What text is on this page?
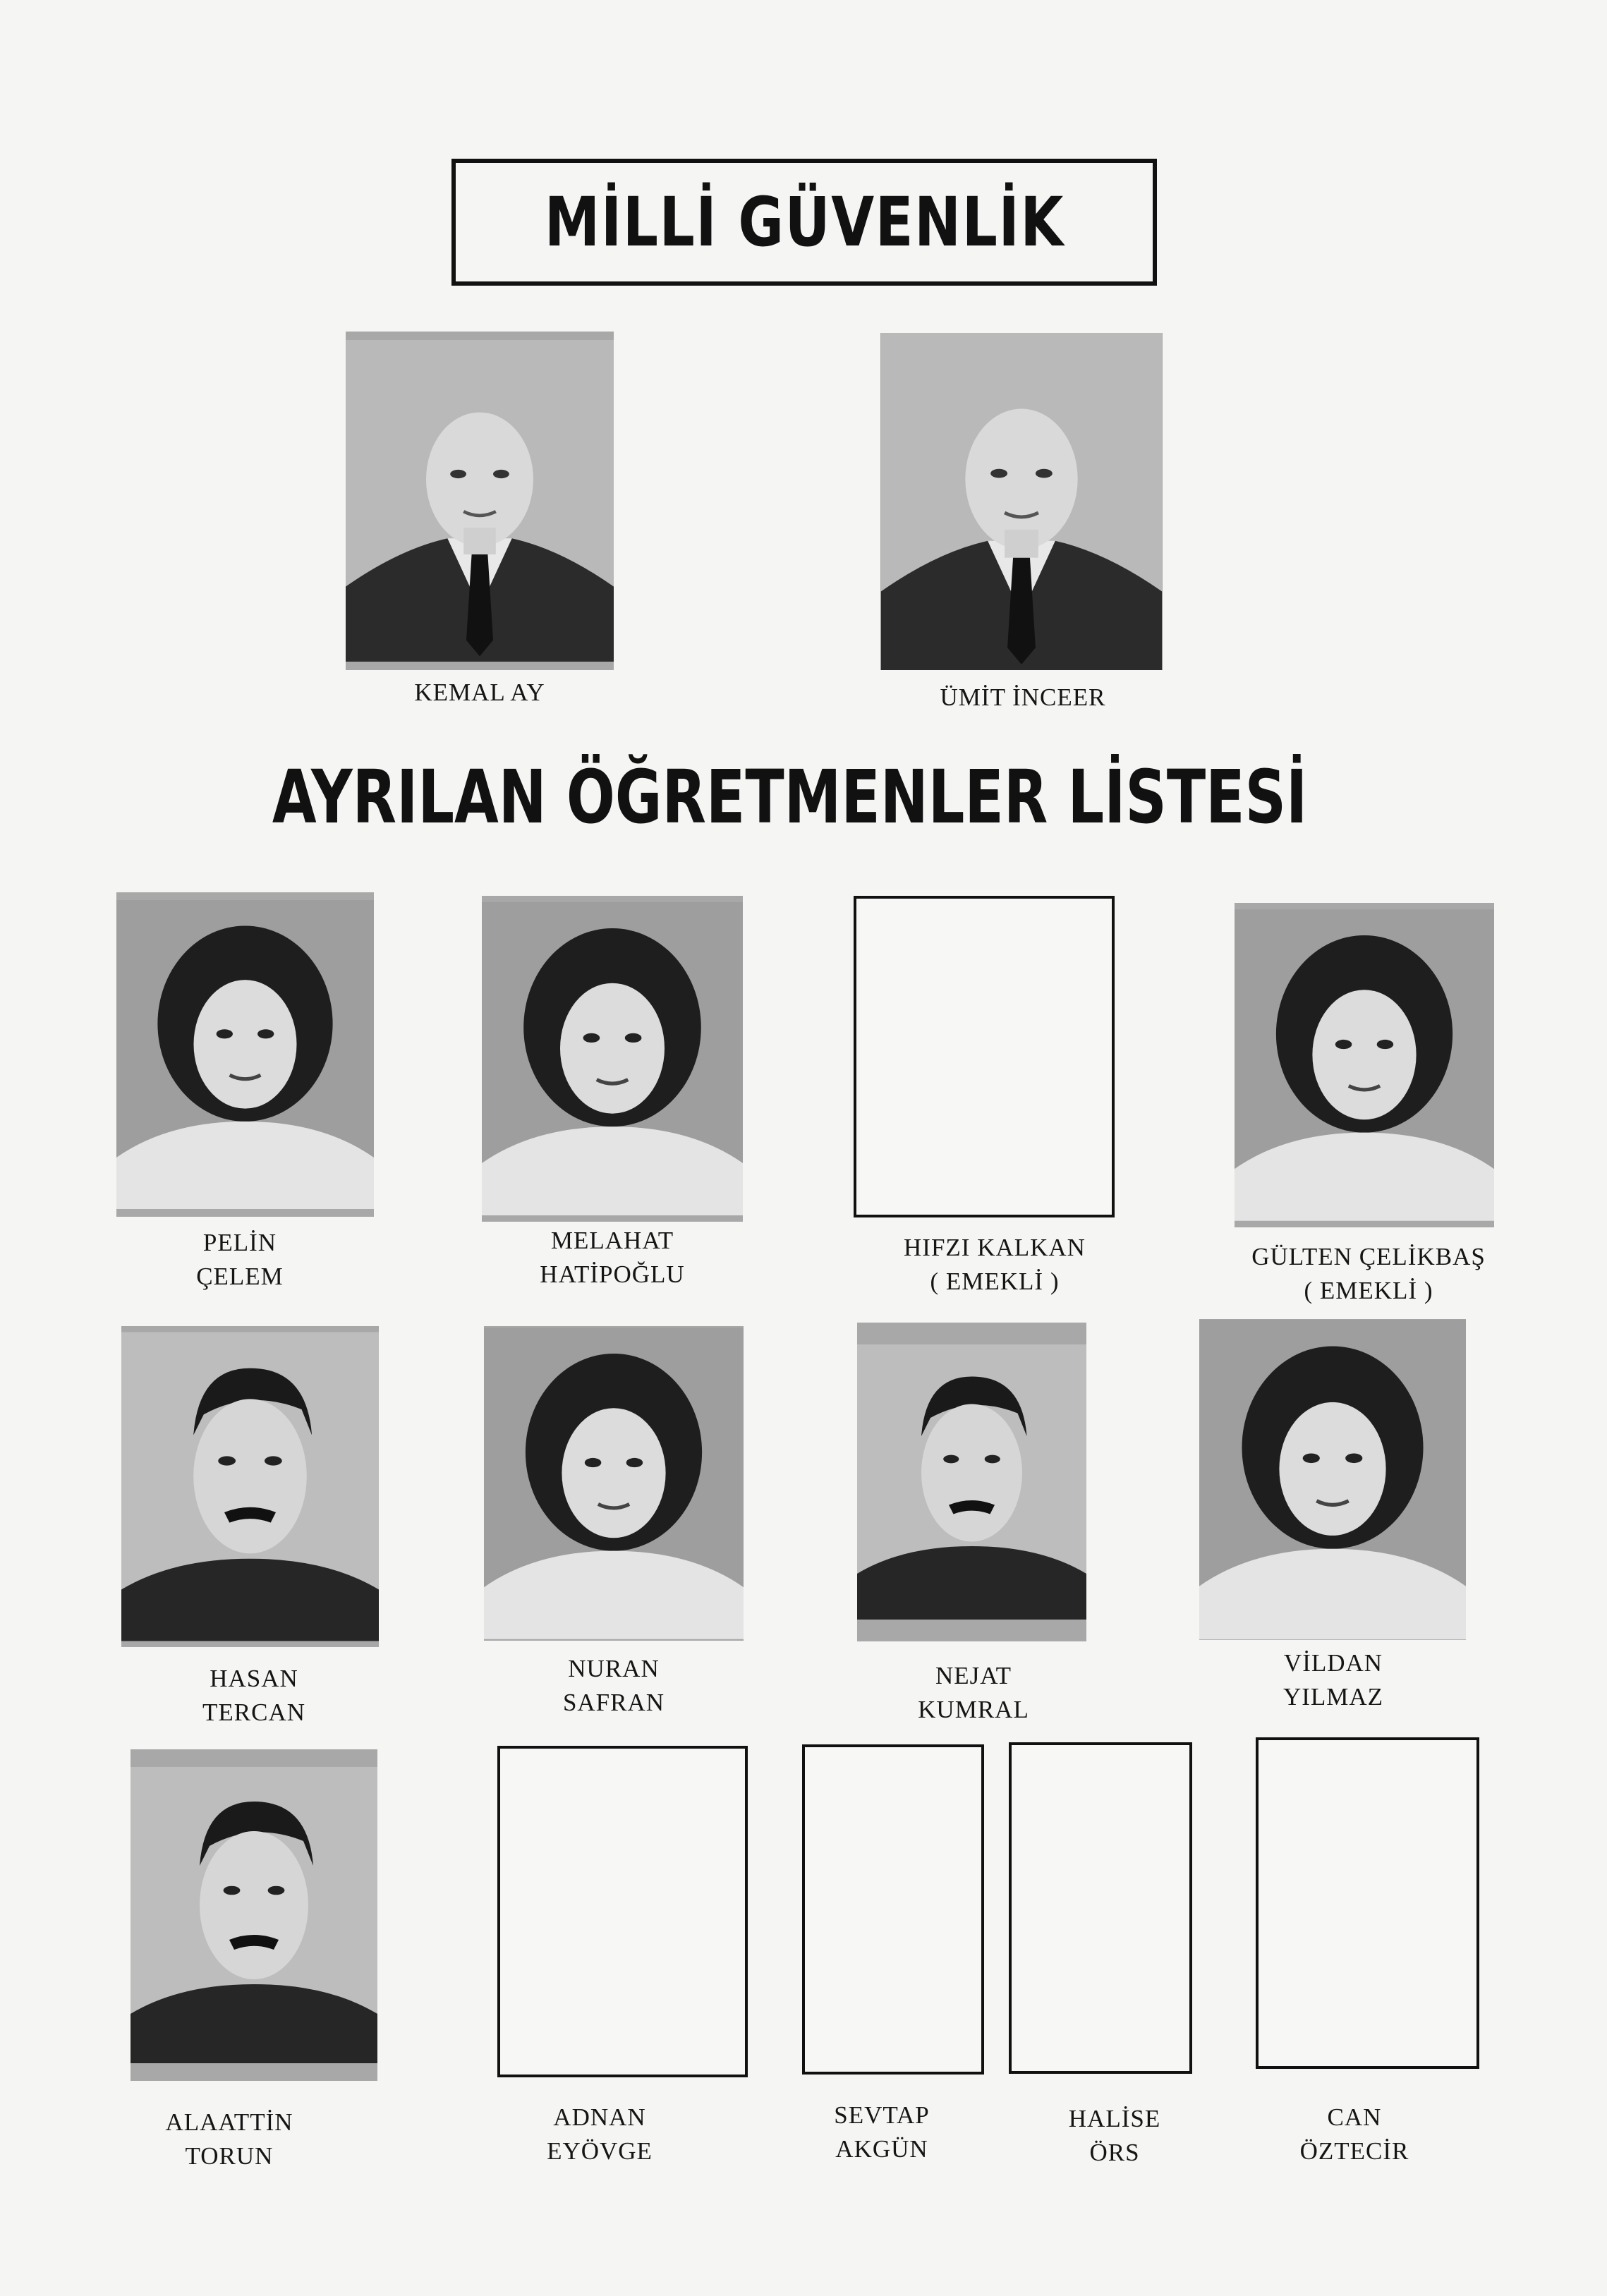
MİLLİ GÜVENLİK
KEMAL AY	ÜMİT İNCEER
AYRILAN ÖĞRETMENLER LİSTESİ
PELİN
ÇELEM
MELAHAT
HATİPOĞLU
HIFZI KALKAN
( EMEKLİ )
GÜLTEN ÇELİKBAŞ
( EMEKLİ )
HASAN
TERCAN
NURAN
SAFRAN
NEJAT
KUMRAL
VİLDAN
YILMAZ
ALAATTİN
TORUN
ADNAN
EYÖVGE
SEVTAP
AKGÜN
HALİSE
ÖRS
CAN
ÖZTECİR
